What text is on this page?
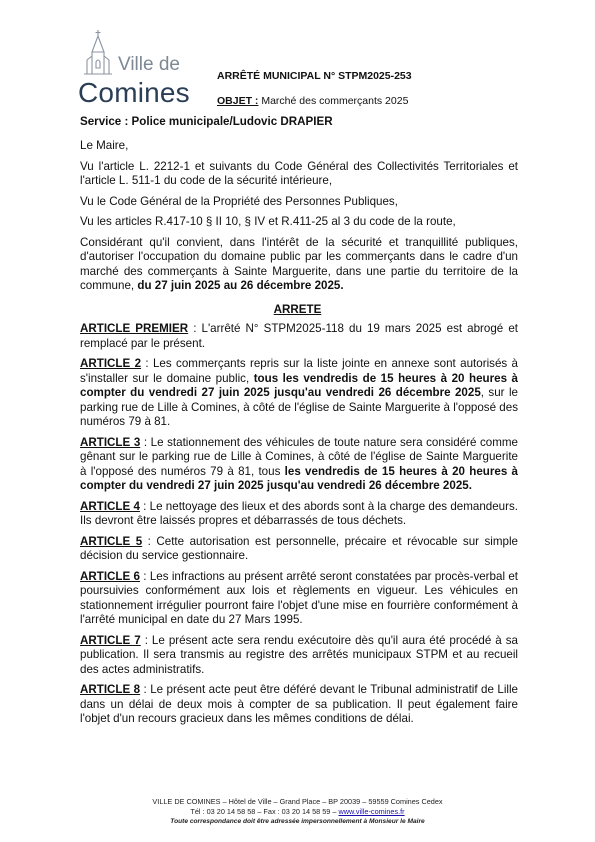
Ville de
Comines
ARRÊTÉ MUNICIPAL N° STPM2025-253
OBJET : Marché des commerçants 2025
Service : Police municipale/Ludovic DRAPIER

Le Maire,

Vu l'article L. 2212-1 et suivants du Code Général des Collectivités Territoriales et l'article L. 511-1 du code de la sécurité intérieure,

Vu le Code Général de la Propriété des Personnes Publiques,

Vu les articles R.417-10 § II 10, § IV et R.411-25 al 3 du code de la route,

Considérant qu'il convient, dans l'intérêt de la sécurité et tranquillité publiques, d'autoriser l'occupation du domaine public par les commerçants dans le cadre d'un marché des commerçants à Sainte Marguerite, dans une partie du territoire de la commune, du 27 juin 2025 au 26 décembre 2025.

ARRETE

ARTICLE PREMIER : L'arrêté N° STPM2025-118 du 19 mars 2025 est abrogé et remplacé par le présent.

ARTICLE 2 : Les commerçants repris sur la liste jointe en annexe sont autorisés à s'installer sur le domaine public, tous les vendredis de 15 heures à 20 heures à compter du vendredi 27 juin 2025 jusqu'au vendredi 26 décembre 2025, sur le parking rue de Lille à Comines, à côté de l'église de Sainte Marguerite à l'opposé des numéros 79 à 81.

ARTICLE 3 : Le stationnement des véhicules de toute nature sera considéré comme gênant sur le parking rue de Lille à Comines, à côté de l'église de Sainte Marguerite à l'opposé des numéros 79 à 81, tous les vendredis de 15 heures à 20 heures à compter du vendredi 27 juin 2025 jusqu'au vendredi 26 décembre 2025.

ARTICLE 4 : Le nettoyage des lieux et des abords sont à la charge des demandeurs. Ils devront être laissés propres et débarrassés de tous déchets.

ARTICLE 5 : Cette autorisation est personnelle, précaire et révocable sur simple décision du service gestionnaire.

ARTICLE 6 : Les infractions au présent arrêté seront constatées par procès-verbal et poursuivies conformément aux lois et règlements en vigueur. Les véhicules en stationnement irrégulier pourront faire l'objet d'une mise en fourrière conformément à l'arrêté municipal en date du 27 Mars 1995.

ARTICLE 7 : Le présent acte sera rendu exécutoire dès qu'il aura été procédé à sa publication. Il sera transmis au registre des arrêtés municipaux STPM et au recueil des actes administratifs.

ARTICLE 8 : Le présent acte peut être déféré devant le Tribunal administratif de Lille dans un délai de deux mois à compter de sa publication. Il peut également faire l'objet d'un recours gracieux dans les mêmes conditions de délai.

VILLE DE COMINES – Hôtel de Ville – Grand Place – BP 20039 – 59559 Comines Cedex
Tél : 03 20 14 58 58 – Fax : 03 20 14 58 59 – www.ville-comines.fr
Toute correspondance doit être adressée impersonnellement à Monsieur le Maire
